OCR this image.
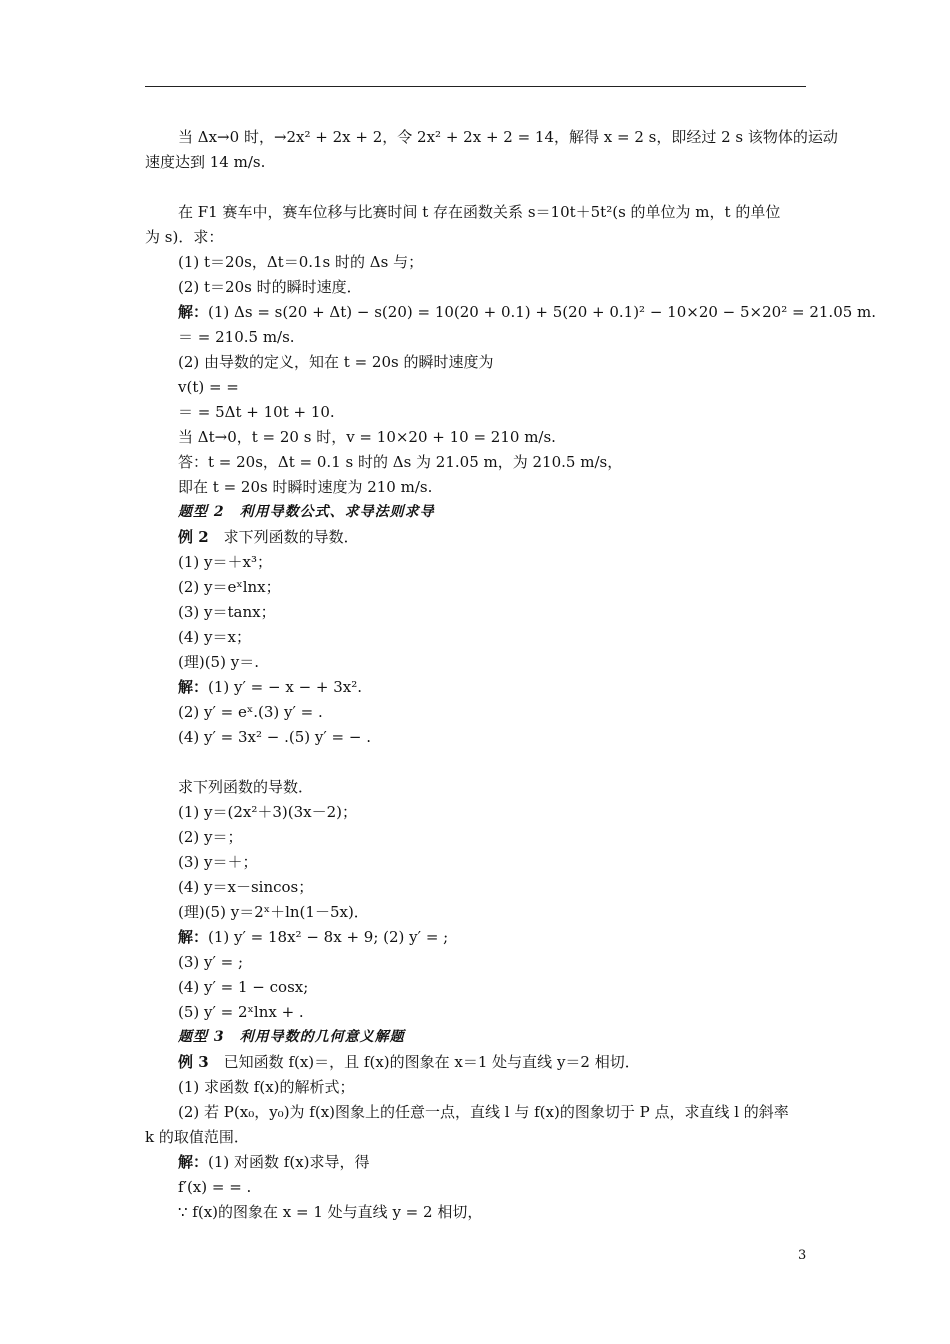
当 Δx→0 时，→2x² + 2x + 2，令 2x² + 2x + 2 = 14，解得 x = 2 s，即经过 2 s 该物体的运动
速度达到 14 m/s.
在 F1 赛车中，赛车位移与比赛时间 t 存在函数关系 s＝10t＋5t²(s 的单位为 m，t 的单位
为 s)．求：
(1) t＝20s，Δt＝0.1s 时的 Δs 与；
(2) t＝20s 时的瞬时速度．
解：(1) Δs = s(20 + Δt) − s(20) = 10(20 + 0.1) + 5(20 + 0.1)² − 10×20 − 5×20² = 21.05 m.
＝ = 210.5 m/s.
(2) 由导数的定义，知在 t = 20s 的瞬时速度为
v(t) = =
＝ = 5Δt + 10t + 10.
当 Δt→0，t = 20 s 时，v = 10×20 + 10 = 210 m/s.
答：t = 20s，Δt = 0.1 s 时的 Δs 为 21.05 m，为 210.5 m/s，
即在 t = 20s 时瞬时速度为 210 m/s.
题型 2　利用导数公式、求导法则求导
例 2　求下列函数的导数．
(1) y＝＋x³；
(2) y＝eˣlnx；
(3) y＝tanx；
(4) y＝x；
(理)(5) y＝.
解：(1) y′ = − x − + 3x².
(2) y′ = eˣ.(3) y′ = .
(4) y′ = 3x² − .(5) y′ = − .
求下列函数的导数．
(1) y＝(2x²＋3)(3x－2)；
(2) y＝；
(3) y＝＋；
(4) y＝x－sincos；
(理)(5) y＝2ˣ＋ln(1－5x)．
解：(1) y′ = 18x² − 8x + 9; (2) y′ = ;
(3) y′ = ;
(4) y′ = 1 − cosx;
(5) y′ = 2ˣlnx + .
题型 3　利用导数的几何意义解题
例 3　已知函数 f(x)＝，且 f(x)的图象在 x＝1 处与直线 y＝2 相切．
(1) 求函数 f(x)的解析式；
(2) 若 P(x₀，y₀)为 f(x)图象上的任意一点，直线 l 与 f(x)的图象切于 P 点，求直线 l 的斜率
k 的取值范围．
解：(1) 对函数 f(x)求导，得
f′(x) = = .
∵ f(x)的图象在 x = 1 处与直线 y = 2 相切，
3
